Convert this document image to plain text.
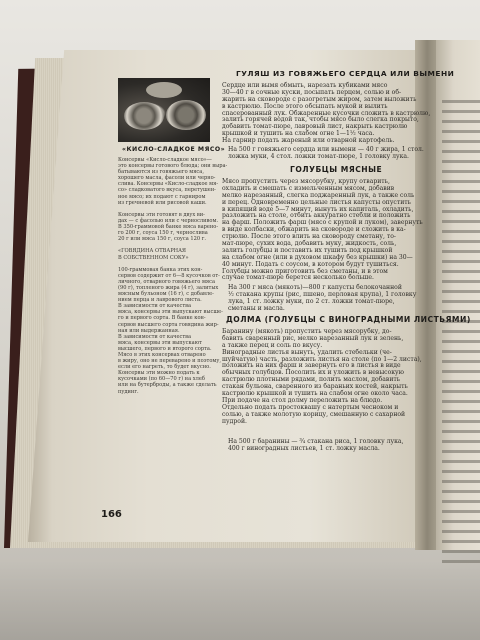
«КИСЛО-СЛАДКОЕ МЯСО»
Консервы «Кисло-сладкое мясо»—
это консервы готового блюда; они выра-
батываются из говяжьего мяса,
хорошего масла, фасоли или черно-
слива. Консервы «Кисло-сладкое мя-
со» сладковатого вкуса, перетушен-
ное мясо; их подают с гарниром
из гречневой или рисовой каши.
Консервы эти готовят в двух ви-
дах — с фасолью или с черносливом.
В 350-граммовой банке мяса варено-
го 200 г, соуса 150 г, чернослива
20 г или мяса 150 г, соуса 120 г.
«ГОВЯДИНА ОТВАРНАЯ
В СОБСТВЕННОМ СОКУ»
100-граммовая банка этих кон-
сервов содержит от 6—8 кусочков от-
личного, отварного говяжьего мяса
(90 г), топленого жира (4 г), залитых
мясным бульоном (16 г), с добавле-
нием перца и лаврового листа.
В зависимости от качества
мяса, консервы эти выпускают высше-
го и первого сорта. В банке кон-
сервов высшего сорта говядина жир-
ная или выдержанная.
В зависимости от качества
мяса, консервы эти выпускают
высшего, первого и второго сорта.
Мясо в этих консервах отварено
в жиру, оно не переварено и поэтому,
если его нагреть, то будет вкусно.
Консервы эти можно подать к
кусочками (по 60—70 г) на хлеб
или на бутерброды, а также сделать
пудинг.
ГУЛЯШ ИЗ ГОВЯЖЬЕГО СЕРДЦА ИЛИ ВЫМЕНИ
Сердце или вымя обмыть, нарезать кубиками мясо
30—40 г в сочные куски, посыпать перцем, солью и об-
жарить на сковороде с разогретым жиром, затем выложить
в кастрюлю. После этого обсыпать мукой и вылить
спасерованный лук. Обжаренные кусочки сложить в кастрюлю,
залить горячей водой так, чтобы мясо было слегка покрыто,
добавить томат-пюре, лавровый лист, накрыть кастрюлю
крышкой и тушить на слабом огне 1—1½ часа.
На гарнир подать жареный или отварной картофель.
На 500 г говяжьего сердца или вымени — 40 г жира, 1 стол.
ложка муки, 4 стол. ложки томат-пюре, 1 головку лука.
ГОЛУБЦЫ МЯСНЫЕ
Мясо пропустить через мясорубку, крупу отварить,
охладить и смешать с измельченным мясом, добавив
мелко нарезанный, слегка поджаренный лук, а также соль
и перец. Одновременно цельные листья капусты опустить
в кипящий воде 5—7 минут, вынуть их капиталь, охладить,
разложить на столе, отбить аккуратно стебли и положить
на фарш. Положить фарш (мясо с крупой и луком), завернуть
в виде колбаски, обжарить на сковороде и сложить в ка-
стрюлю. После этого влить на сковороду сметану, то-
мат-пюре, сухих вода, добавить муку, жидкость, соль,
залить голубцы и поставить их тушить под крышкой
на слабом огне (или в духовом шкафу без крышки) на 30—
40 минут. Подать с соусом, в котором будут тушиться.
Голубцы можно приготовить без сметаны, и в этом
случае томат-пюре берется несколько больше.
На 300 г мяса (мякоть)—800 г капусты белокочанной
½ стакана крупы (рис, пшено, перловая крупа), 1 головку
лука, 1 ст. ложку муки, по 2 ст. ложки томат-пюре,
сметаны и масла.
ДОЛМА (ГОЛУБЦЫ С ВИНОГРАДНЫМИ ЛИСТЬЯМИ)
Баранину (мякоть) пропустить через мясорубку, до-
бавить сваренный рис, мелко нарезанный лук и зелень,
а также перец и соль по вкусу.
Виноградные листья вынуть, удалить стебельки (че-
шуйчатую) часть, разложить листья на столе (по 1—2 листа),
положить на них фарш и завернуть его в листья в виде
обычных голубцов. Посолить их и уложить в невысокую
кастрюлю плотными рядами, полить маслом, добавить
стакан бульона, сваренного из бараньих костей, накрыть
кастрюлю крышкой и тушить на слабом огне около часа.
При подаче на стол долму переложить на блюдо.
Отдельно подать простоквашу с натертым чесноком и
солью, а также молотую корицу, смешанную с сахарной
пудрой.
На 500 г баранины — ¾ стакана риса, 1 головку лука,
400 г виноградных листьев, 1 ст. ложку масла.
166
